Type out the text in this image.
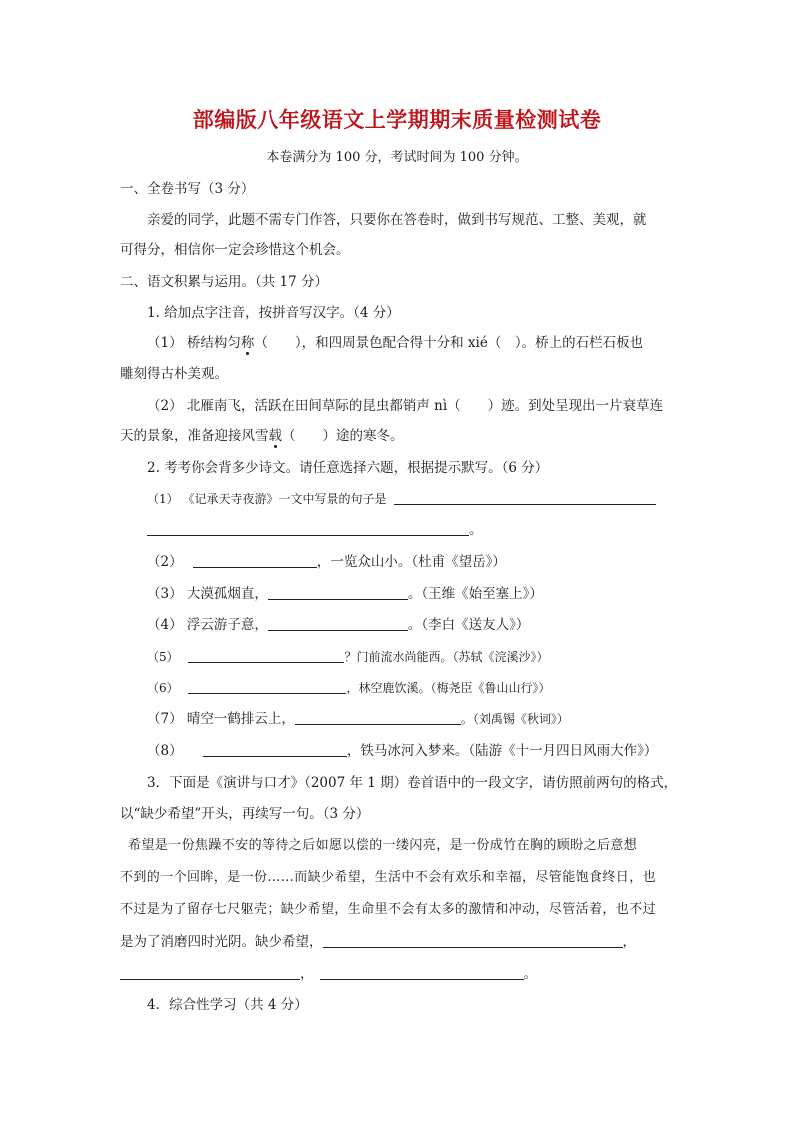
部编版八年级语文上学期期末质量检测试卷
本卷满分为 100 分，考试时间为 100 分钟。
一、全卷书写（3 分）
亲爱的同学，此题不需专门作答，只要你在答卷时，做到书写规范、工整、美观，就
可得分，相信你一定会珍惜这个机会。
二、语文积累与运用。（共 17 分）
1. 给加点字注音，按拼音写汉字。（4 分）
（1） 桥结构匀称（　　），和四周景色配合得十分和 xié（　）。桥上的石栏石板也
雕刻得古朴美观。
（2） 北雁南飞，活跃在田间草际的昆虫都销声 nì（　　）迹。到处呈现出一片衰草连
天的景象，准备迎接风雪载（　　）途的寒冬。
2. 考考你会背多少诗文。请任意选择六题，根据提示默写。（6 分）
（1） 《记承天寺夜游》一文中写景的句子是
。
（2）	，一览众山小。（杜甫《望岳》）
（3） 大漠孤烟直，	。（王维《始至塞上》）
（4） 浮云游子意，	。（李白《送友人》）
（5）	？门前流水尚能西。（苏轼《浣溪沙》）
（6）	，林空鹿饮溪。（梅尧臣《鲁山山行》）
（7） 晴空一鹤排云上，	。（刘禹锡《秋词》）
（8）	，铁马冰河入梦来。（陆游《十一月四日风雨大作》）
3．下面是《演讲与口才》（2007 年 1 期）卷首语中的一段文字，请仿照前两句的格式，
以“缺少希望”开头，再续写一句。（3 分）
希望是一份焦躁不安的等待之后如愿以偿的一缕闪亮，是一份成竹在胸的顾盼之后意想
不到的一个回眸，是一份……而缺少希望，生活中不会有欢乐和幸福，尽管能饱食终日，也
不过是为了留存七尺躯壳；缺少希望，生命里不会有太多的激情和冲动，尽管活着，也不过
是为了消磨四时光阴。缺少希望，	，
，	。
4．综合性学习（共 4 分）
